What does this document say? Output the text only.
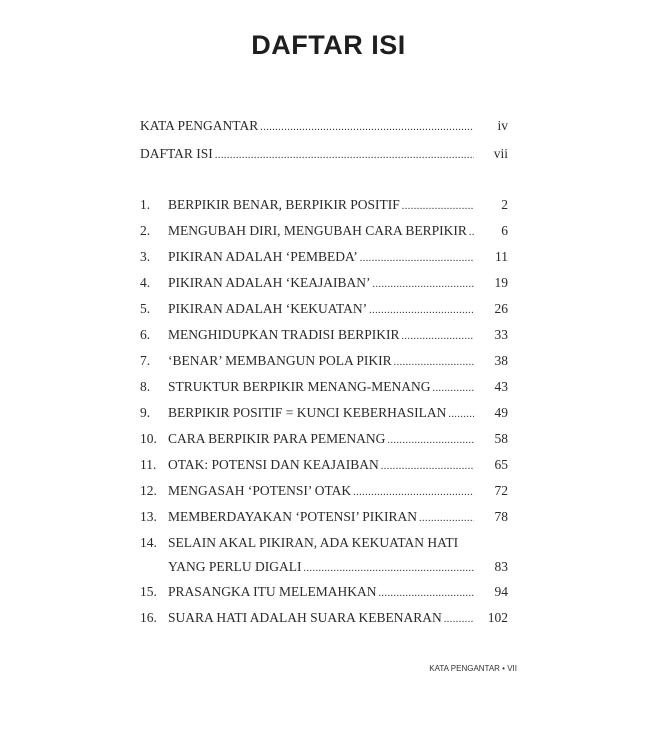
DAFTAR ISI
KATA PENGANTAR • VII
KATA PENGANTAR .....	iv
DAFTAR ISI .....	vii
1.	BERPIKIR BENAR, BERPIKIR POSITIF .....	2
2.	MENGUBAH DIRI, MENGUBAH CARA BERPIKIR .....	6
3.	PIKIRAN ADALAH ‘PEMBEDA’ .....	11
4.	PIKIRAN ADALAH ‘KEAJAIBAN’ .....	19
5.	PIKIRAN ADALAH ‘KEKUATAN’ .....	26
6.	MENGHIDUPKAN TRADISI BERPIKIR .....	33
7.	‘BENAR’ MEMBANGUN POLA PIKIR .....	38
8.	STRUKTUR BERPIKIR MENANG-MENANG .....	43
9.	BERPIKIR POSITIF = KUNCI KEBERHASILAN .....	49
10. CARA BERPIKIR PARA PEMENANG .....	58
11. OTAK: POTENSI DAN KEAJAIBAN .....	65
12. MENGASAH ‘POTENSI’ OTAK .....	72
13. MEMBERDAYAKAN ‘POTENSI’ PIKIRAN .....	78
14. SELAIN AKAL PIKIRAN, ADA KEKUATAN HATI
YANG PERLU DIGALI .....	83
15. PRASANGKA ITU MELEMAHKAN .....	94
16. SUARA HATI ADALAH SUARA KEBENARAN .....	102
